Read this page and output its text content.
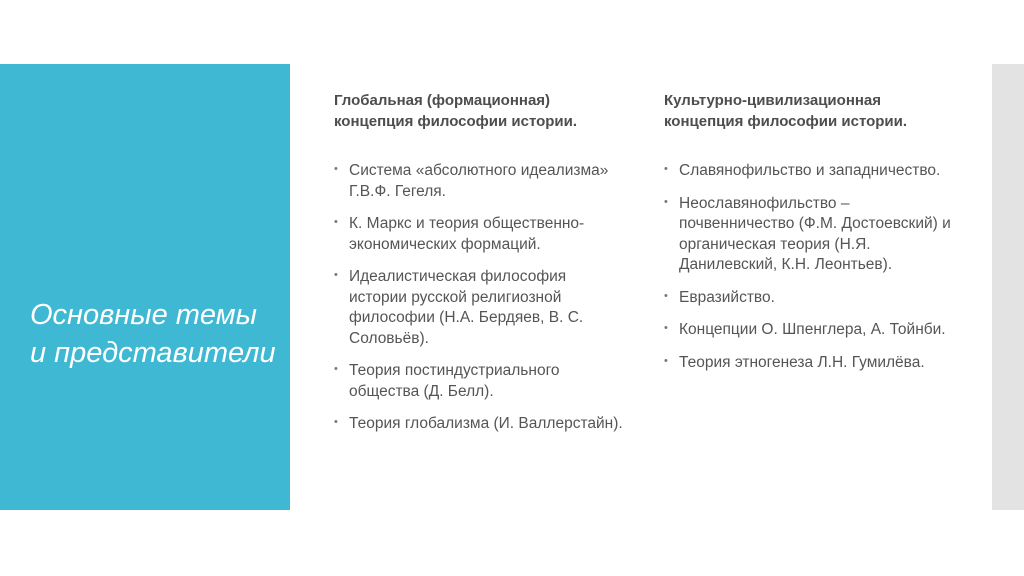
Основные темы и представители

Глобальная (формационная) концепция философии истории.

• Система «абсолютного идеализма» Г.В.Ф. Гегеля.
• К. Маркс и теория общественно-экономических формаций.
• Идеалистическая философия истории русской религиозной философии (Н.А. Бердяев, В. С. Соловьёв).
• Теория постиндустриального общества (Д. Белл).
• Теория глобализма (И. Валлерстайн).

Культурно-цивилизационная концепция философии истории.

• Славянофильство и западничество.
• Неославянофильство – почвенничество (Ф.М. Достоевский) и органическая теория (Н.Я. Данилевский, К.Н. Леонтьев).
• Евразийство.
• Концепции О. Шпенглера, А. Тойнби.
• Теория этногенеза Л.Н. Гумилёва.
